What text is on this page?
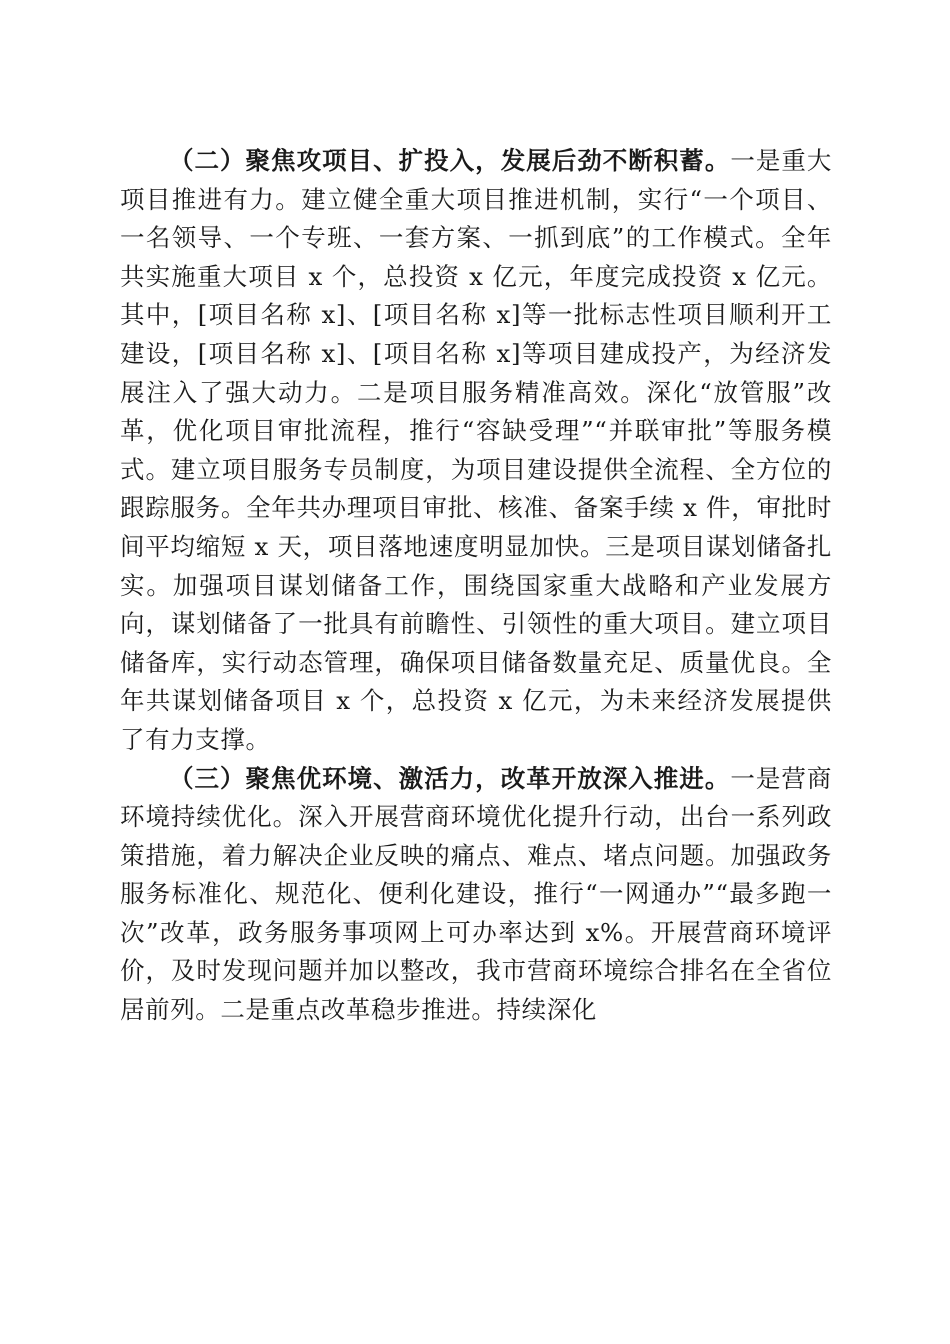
（二）聚焦攻项目、扩投入，发展后劲不断积蓄。一是重大项目推进有力。建立健全重大项目推进机制，实行“一个项目、一名领导、一个专班、一套方案、一抓到底”的工作模式。全年共实施重大项目 x 个，总投资 x 亿元，年度完成投资 x 亿元。其中，[项目名称 x]、[项目名称 x]等一批标志性项目顺利开工建设，[项目名称 x]、[项目名称 x]等项目建成投产，为经济发展注入了强大动力。二是项目服务精准高效。深化“放管服”改革，优化项目审批流程，推行“容缺受理”“并联审批”等服务模式。建立项目服务专员制度，为项目建设提供全流程、全方位的跟踪服务。全年共办理项目审批、核准、备案手续 x 件，审批时间平均缩短 x 天，项目落地速度明显加快。三是项目谋划储备扎实。加强项目谋划储备工作，围绕国家重大战略和产业发展方向，谋划储备了一批具有前瞻性、引领性的重大项目。建立项目储备库，实行动态管理，确保项目储备数量充足、质量优良。全年共谋划储备项目 x 个，总投资 x 亿元，为未来经济发展提供了有力支撑。

（三）聚焦优环境、激活力，改革开放深入推进。一是营商环境持续优化。深入开展营商环境优化提升行动，出台一系列政策措施，着力解决企业反映的痛点、难点、堵点问题。加强政务服务标准化、规范化、便利化建设，推行“一网通办”“最多跑一次”改革，政务服务事项网上可办率达到 x%。开展营商环境评价，及时发现问题并加以整改，我市营商环境综合排名在全省位居前列。二是重点改革稳步推进。持续深化
